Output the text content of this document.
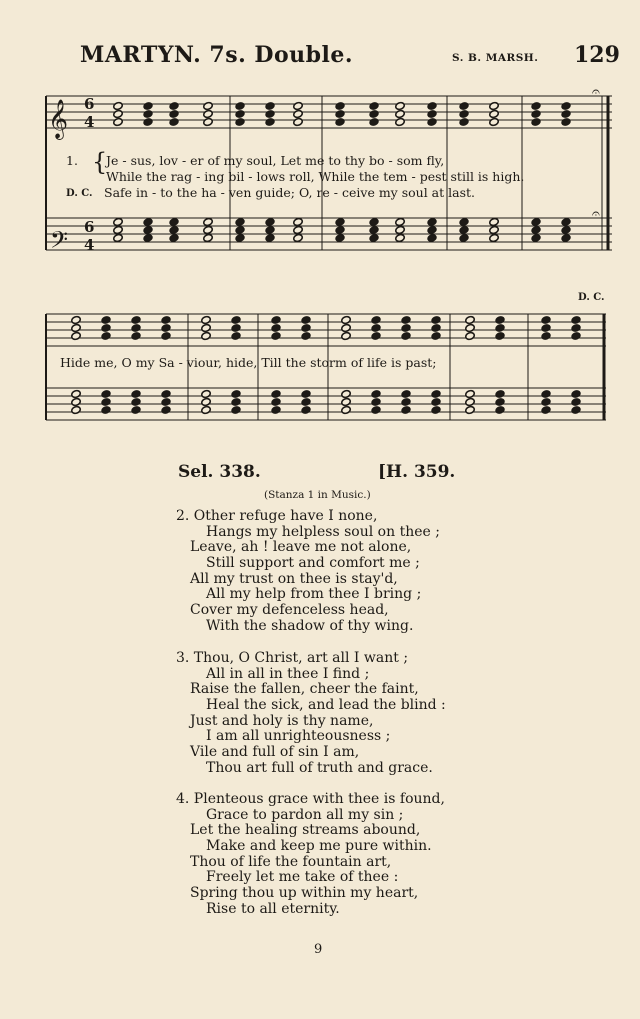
MARTYN. 7s. Double.	S. B. MARSH. 129
𝄞
𝄢
6
4
6
4
𝄐
𝄐
1. {
Je - sus, lov - er of my soul, Let me to thy bo - som fly,
While the rag - ing bil - lows roll, While the tem - pest still is high.
D. C. Safe in - to the ha - ven guide; O, re - ceive my soul at last.
D. C.
Hide me, O my Sa - viour, hide, Till the storm of life is past;
Sel. 338.	[H. 359.
(Stanza 1 in Music.)
2. Other refuge have I none,
Hangs my helpless soul on thee ;
Leave, ah ! leave me not alone,
Still support and comfort me ;
All my trust on thee is stay'd,
All my help from thee I bring ;
Cover my defenceless head,
With the shadow of thy wing.
3. Thou, O Christ, art all I want ;
All in all in thee I find ;
Raise the fallen, cheer the faint,
Heal the sick, and lead the blind :
Just and holy is thy name,
I am all unrighteousness ;
Vile and full of sin I am,
Thou art full of truth and grace.
4. Plenteous grace with thee is found,
Grace to pardon all my sin ;
Let the healing streams abound,
Make and keep me pure within.
Thou of life the fountain art,
Freely let me take of thee :
Spring thou up within my heart,
Rise to all eternity.
9
